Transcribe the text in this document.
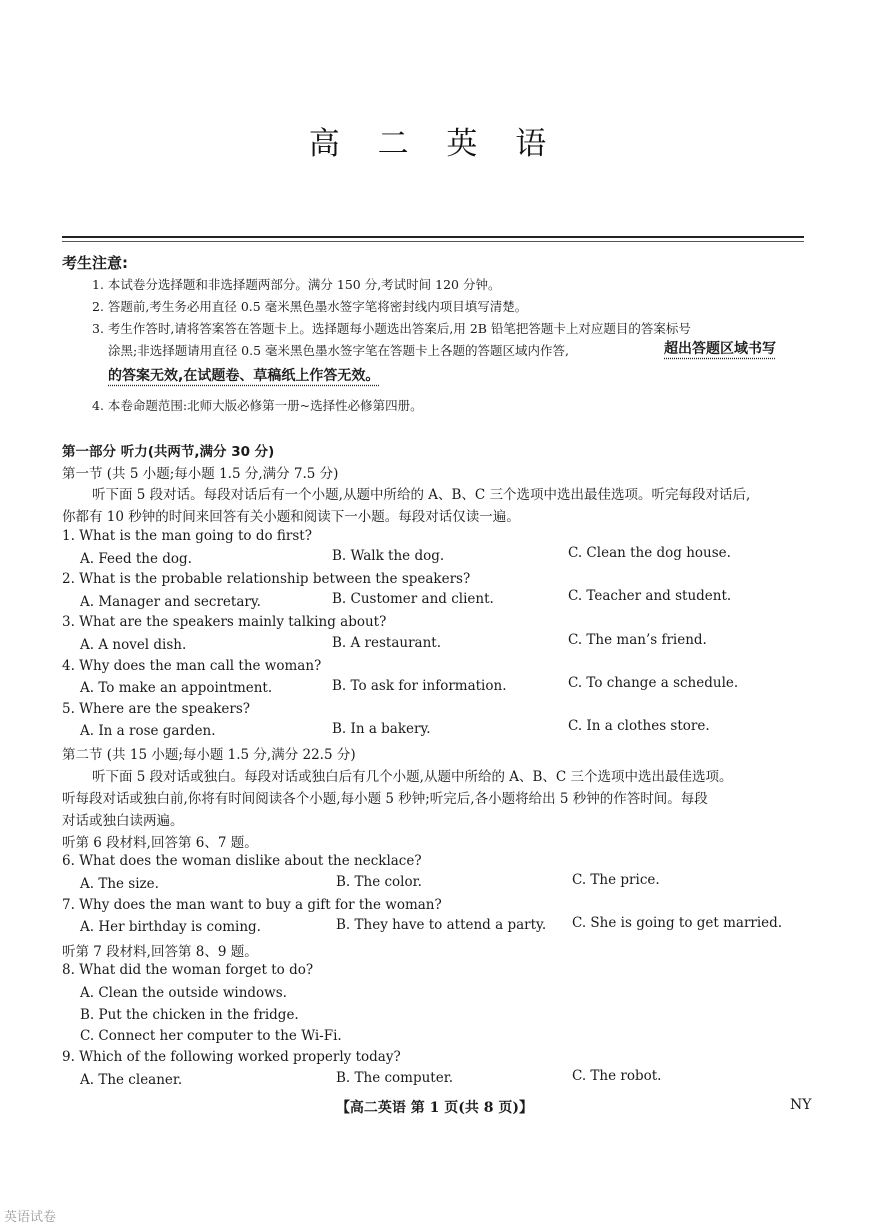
高 二 英 语
考生注意:
1. 本试卷分选择题和非选择题两部分。满分 150 分,考试时间 120 分钟。
2. 答题前,考生务必用直径 0.5 毫米黑色墨水签字笔将密封线内项目填写清楚。
3. 考生作答时,请将答案答在答题卡上。选择题每小题选出答案后,用 2B 铅笔把答题卡上对应题目的答案标号
涂黑;非选择题请用直径 0.5 毫米黑色墨水签字笔在答题卡上各题的答题区域内作答,	超出答题区域书写
的答案无效,在试题卷、草稿纸上作答无效。
4. 本卷命题范围:北师大版必修第一册~选择性必修第四册。
第一部分 听力(共两节,满分 30 分)
第一节 (共 5 小题;每小题 1.5 分,满分 7.5 分)
听下面 5 段对话。每段对话后有一个小题,从题中所给的 A、B、C 三个选项中选出最佳选项。听完每段对话后,
你都有 10 秒钟的时间来回答有关小题和阅读下一小题。每段对话仅读一遍。
1. What is the man going to do first?
A. Feed the dog.	B. Walk the dog.	C. Clean the dog house.
2. What is the probable relationship between the speakers?
A. Manager and secretary.	B. Customer and client.	C. Teacher and student.
3. What are the speakers mainly talking about?
A. A novel dish.	B. A restaurant.	C. The man’s friend.
4. Why does the man call the woman?
A. To make an appointment.	B. To ask for information.	C. To change a schedule.
5. Where are the speakers?
A. In a rose garden.	B. In a bakery.	C. In a clothes store.
第二节 (共 15 小题;每小题 1.5 分,满分 22.5 分)
听下面 5 段对话或独白。每段对话或独白后有几个小题,从题中所给的 A、B、C 三个选项中选出最佳选项。
听每段对话或独白前,你将有时间阅读各个小题,每小题 5 秒钟;听完后,各小题将给出 5 秒钟的作答时间。每段
对话或独白读两遍。
听第 6 段材料,回答第 6、7 题。
6. What does the woman dislike about the necklace?
A. The size.	B. The color.	C. The price.
7. Why does the man want to buy a gift for the woman?
A. Her birthday is coming.	B. They have to attend a party. C. She is going to get married.
听第 7 段材料,回答第 8、9 题。
8. What did the woman forget to do?
A. Clean the outside windows.
B. Put the chicken in the fridge.
C. Connect her computer to the Wi-Fi.
9. Which of the following worked properly today?
A. The cleaner.	B. The computer.	C. The robot.
【高二英语 第 1 页(共 8 页)】	NY
英语试卷
